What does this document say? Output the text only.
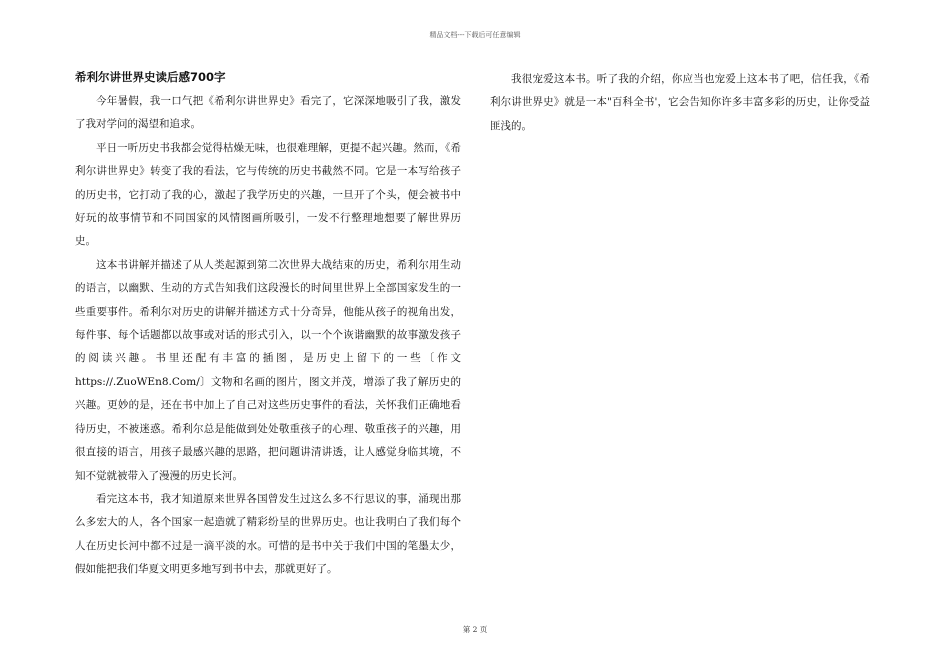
精品文档---下载后可任意编辑
希利尔讲世界史读后感700字

今年暑假，我一口气把《希利尔讲世界史》看完了，它深深地吸引了我，激发了我对学问的渴望和追求。

平日一听历史书我都会觉得枯燥无味，也很难理解，更提不起兴趣。然而，《希利尔讲世界史》转变了我的看法，它与传统的历史书截然不同。它是一本写给孩子的历史书，它打动了我的心，激起了我学历史的兴趣，一旦开了个头，便会被书中好玩的故事情节和不同国家的风情图画所吸引，一发不行整理地想要了解世界历史。

这本书讲解并描述了从人类起源到第二次世界大战结束的历史，希利尔用生动的语言，以幽默、生动的方式告知我们这段漫长的时间里世界上全部国家发生的一些重要事件。希利尔对历史的讲解并描述方式十分奇异，他能从孩子的视角出发，每件事、每个话题都以故事或对话的形式引入，以一个个诙谐幽默的故事激发孩子的阅读兴趣。书里还配有丰富的插图，是历史上留下的一些〔作文https://.ZuoWEn8.Com/〕文物和名画的图片，图文并茂，增添了我了解历史的兴趣。更妙的是，还在书中加上了自己对这些历史事件的看法，关怀我们正确地看待历史，不被迷惑。希利尔总是能做到处处敬重孩子的心理、敬重孩子的兴趣，用很直接的语言，用孩子最感兴趣的思路，把问题讲清讲透，让人感觉身临其境，不知不觉就被带入了漫漫的历史长河。

看完这本书，我才知道原来世界各国曾发生过这么多不行思议的事，涌现出那么多宏大的人，各个国家一起造就了精彩纷呈的世界历史。也让我明白了我们每个人在历史长河中都不过是一滴平淡的水。可惜的是书中关于我们中国的笔墨太少，假如能把我们华夏文明更多地写到书中去，那就更好了。

我很宠爱这本书。听了我的介绍，你应当也宠爱上这本书了吧，信任我，《希利尔讲世界史》就是一本"百科全书'，它会告知你许多丰富多彩的历史，让你受益匪浅的。

第 2 页
